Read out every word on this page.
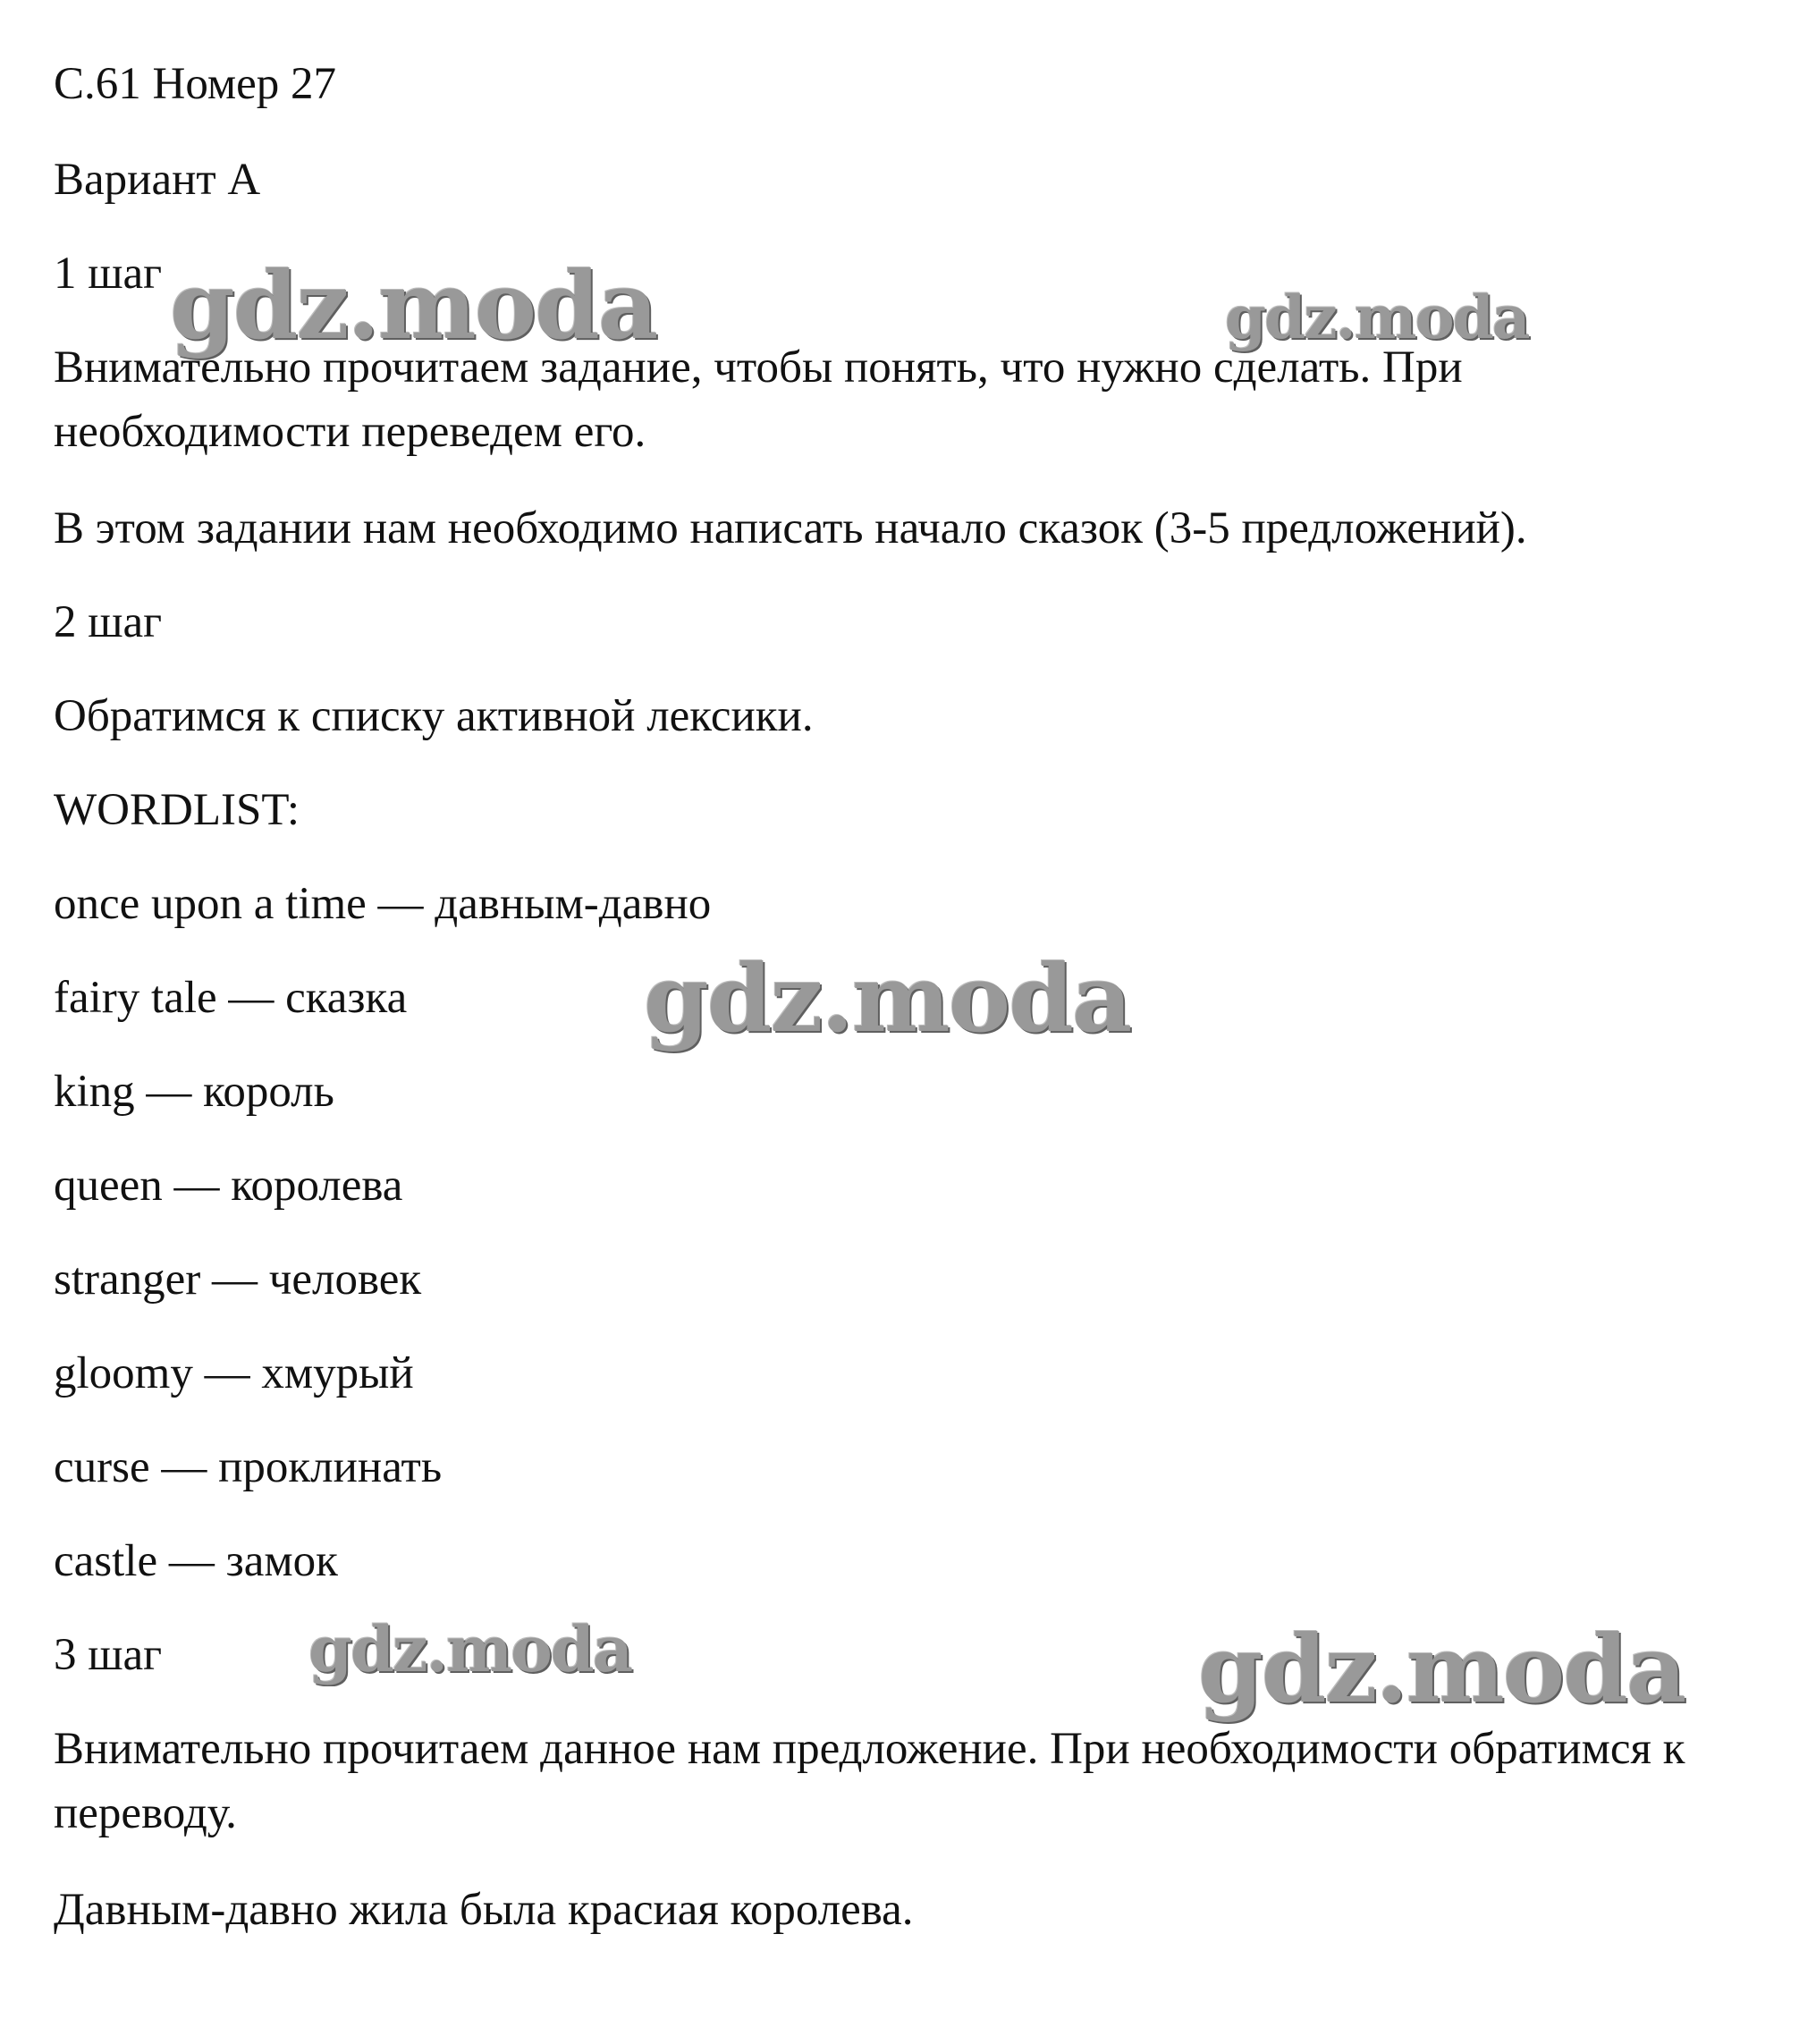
С.61 Номер 27

Вариант А

1 шаг

Внимательно прочитаем задание, чтобы понять, что нужно сделать. При необходимости переведем его.

В этом задании нам необходимо написать начало сказок (3-5 предложений).

2 шаг

Обратимся к списку активной лексики.

WORDLIST:

once upon a time — давным-давно

fairy tale — сказка

king — король

queen — королева

stranger — человек

gloomy — хмурый

curse — проклинать

castle — замок

3 шаг

Внимательно прочитаем данное нам предложение. При необходимости обратимся к переводу.

Давным-давно жила была красиая королева.

gdz.moda	gdz.moda
gdz.moda
gdz.moda	gdz.moda
